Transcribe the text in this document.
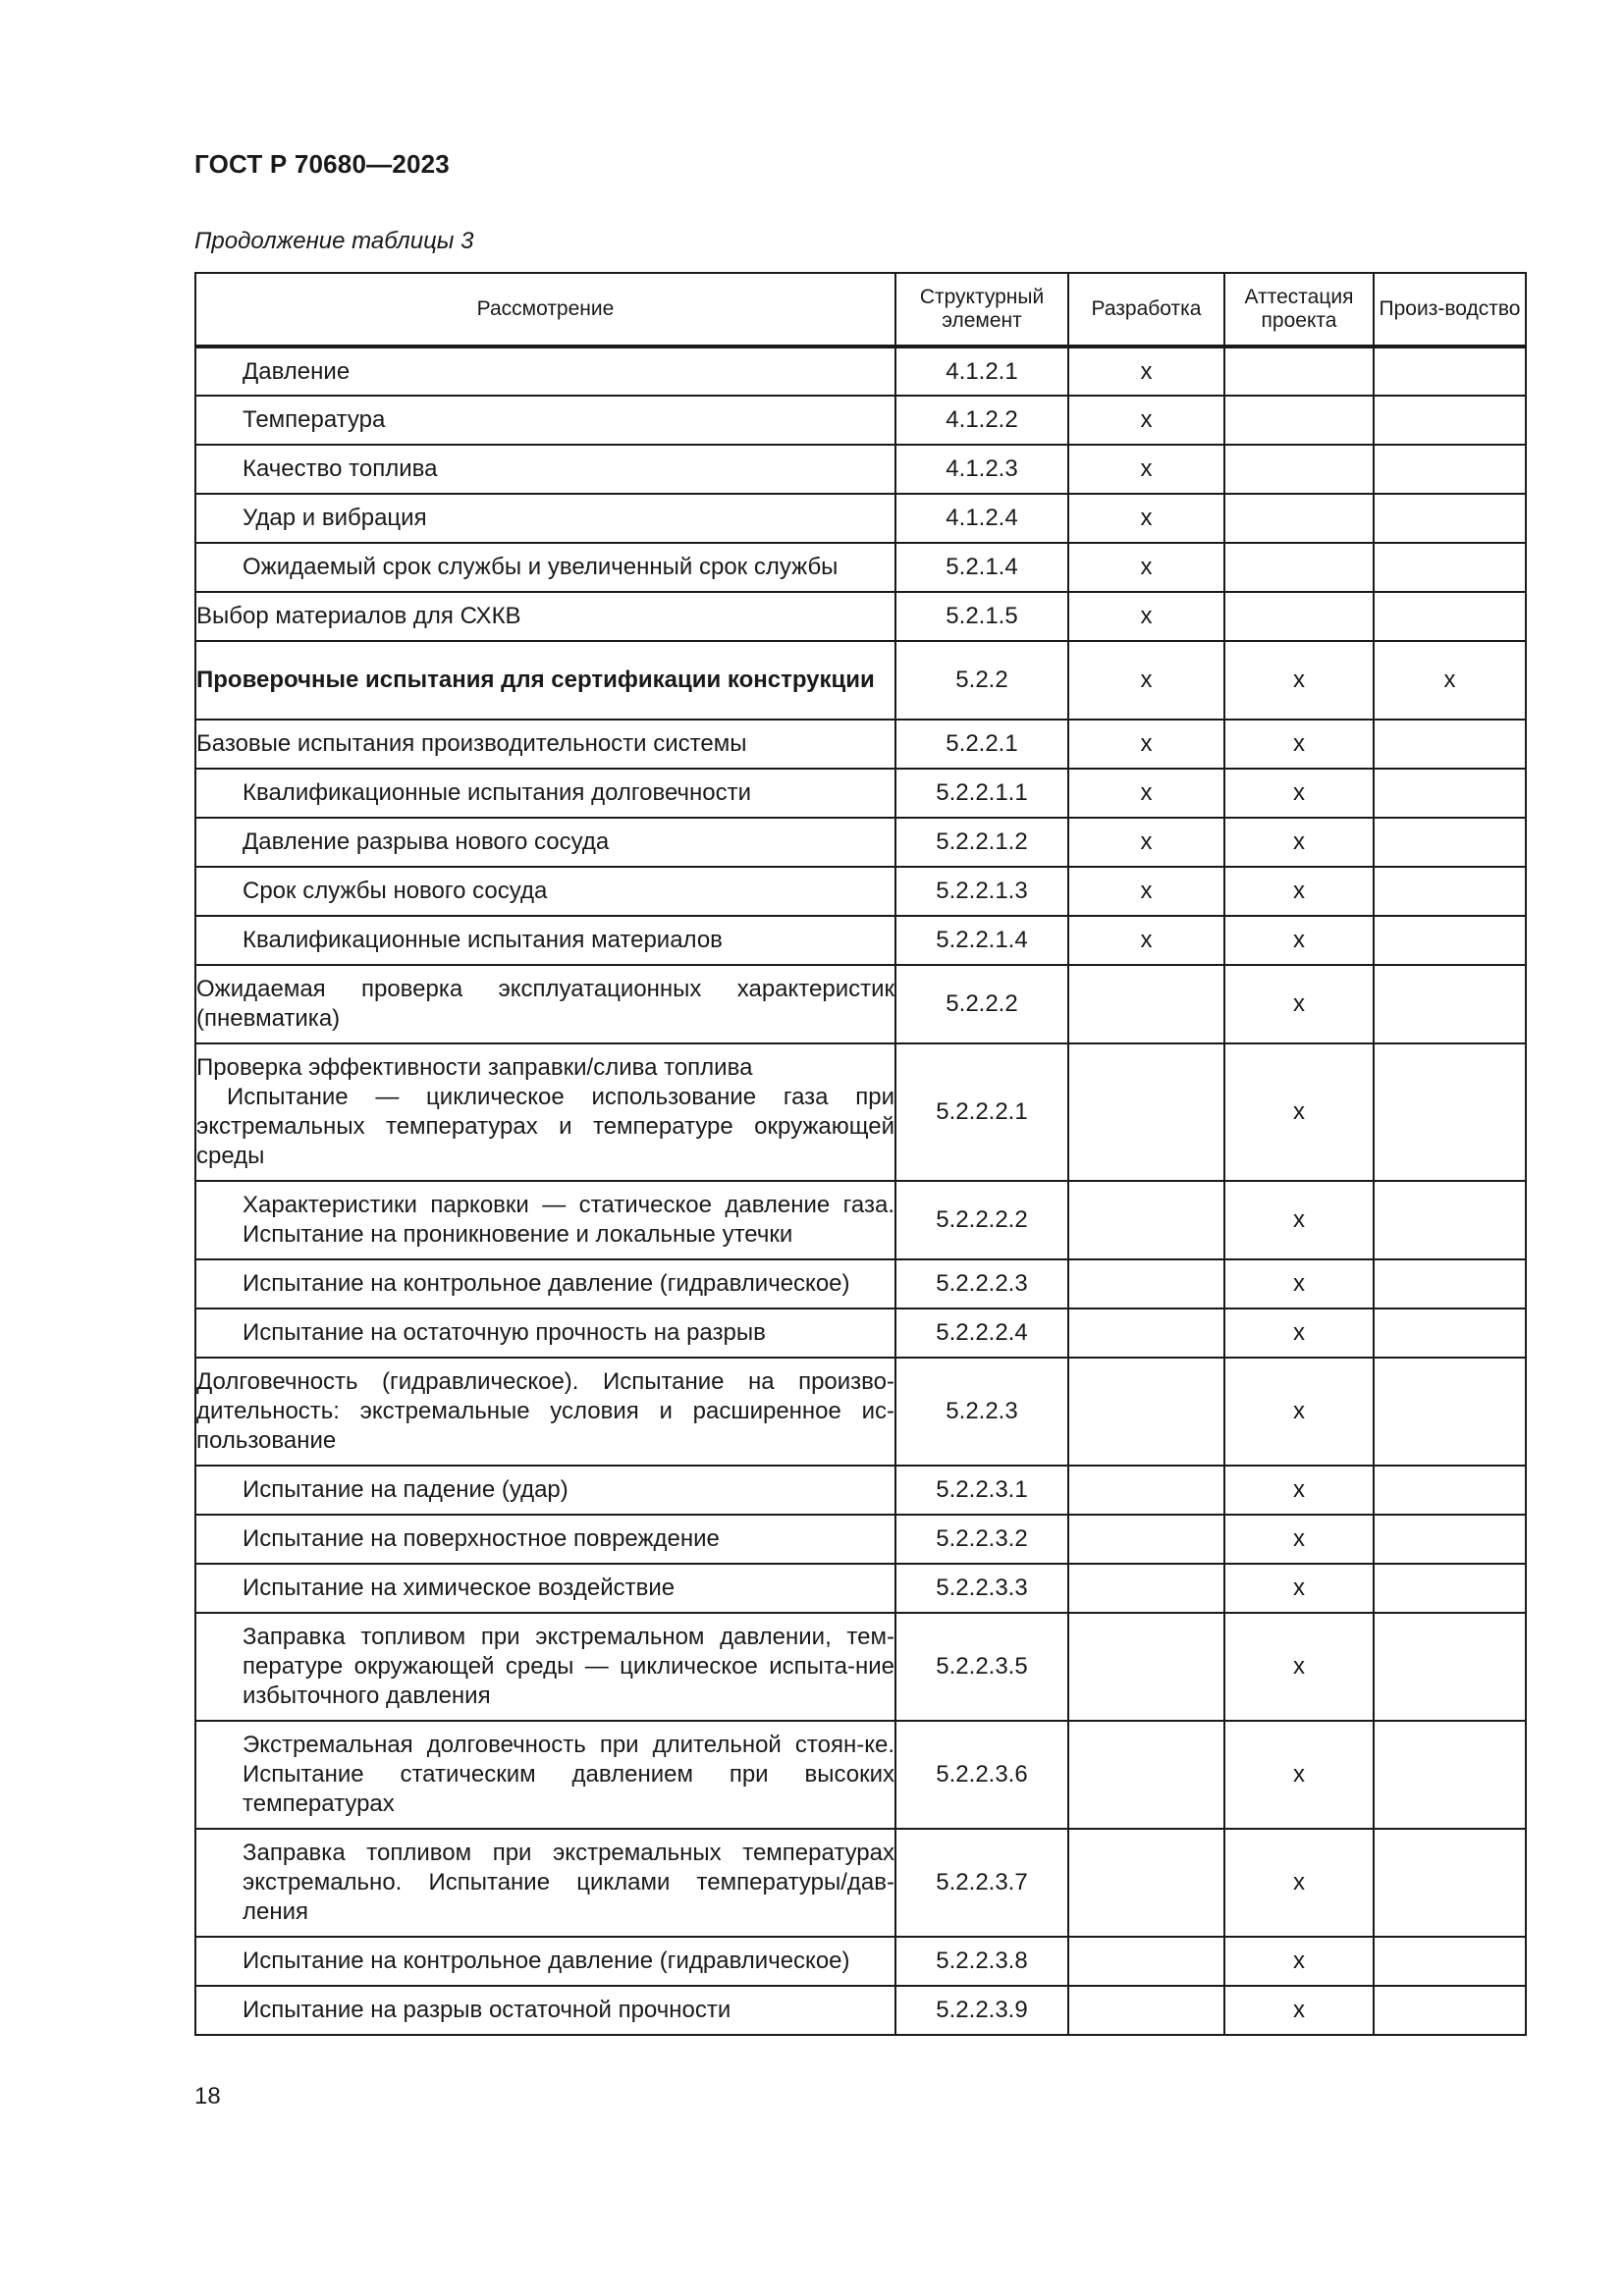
ГОСТ Р 70680—2023
Продолжение таблицы 3
Рассмотрение	Структурный элемент	Разработка	Аттестация проекта	Произ-водство
Давление	4.1.2.1	x		
Температура	4.1.2.2	x		
Качество топлива	4.1.2.3	x		
Удар и вибрация	4.1.2.4	x		
Ожидаемый срок службы и увеличенный срок службы	5.2.1.4	x		
Выбор материалов для СХКВ	5.2.1.5	x		
Проверочные испытания для сертификации конструкции	5.2.2	x	x	x
Базовые испытания производительности системы	5.2.2.1	x	x	
Квалификационные испытания долговечности	5.2.2.1.1	x	x	
Давление разрыва нового сосуда	5.2.2.1.2	x	x	
Срок службы нового сосуда	5.2.2.1.3	x	x	
Квалификационные испытания материалов	5.2.2.1.4	x	x	
Ожидаемая проверка эксплуатационных характеристик (пневматика)	5.2.2.2		x	
Проверка эффективности заправки/слива топлива
Испытание — циклическое использование газа при экстремальных температурах и температуре окружающей среды	5.2.2.2.1		x	
Характеристики парковки — статическое давление газа. Испытание на проникновение и локальные утечки	5.2.2.2.2		x	
Испытание на контрольное давление (гидравлическое)	5.2.2.2.3		x	
Испытание на остаточную прочность на разрыв	5.2.2.2.4		x	
Долговечность (гидравлическое). Испытание на произво-дительность: экстремальные условия и расширенное ис-пользование	5.2.2.3		x	
Испытание на падение (удар)	5.2.2.3.1		x	
Испытание на поверхностное повреждение	5.2.2.3.2		x	
Испытание на химическое воздействие	5.2.2.3.3		x	
Заправка топливом при экстремальном давлении, тем-пературе окружающей среды — циклическое испыта-ние избыточного давления	5.2.2.3.5		x	
Экстремальная долговечность при длительной стоян-ке. Испытание статическим давлением при высоких температурах	5.2.2.3.6		x	
Заправка топливом при экстремальных температурах экстремально. Испытание циклами температуры/дав-ления	5.2.2.3.7		x	
Испытание на контрольное давление (гидравлическое)	5.2.2.3.8		x	
Испытание на разрыв остаточной прочности	5.2.2.3.9		x	
18
